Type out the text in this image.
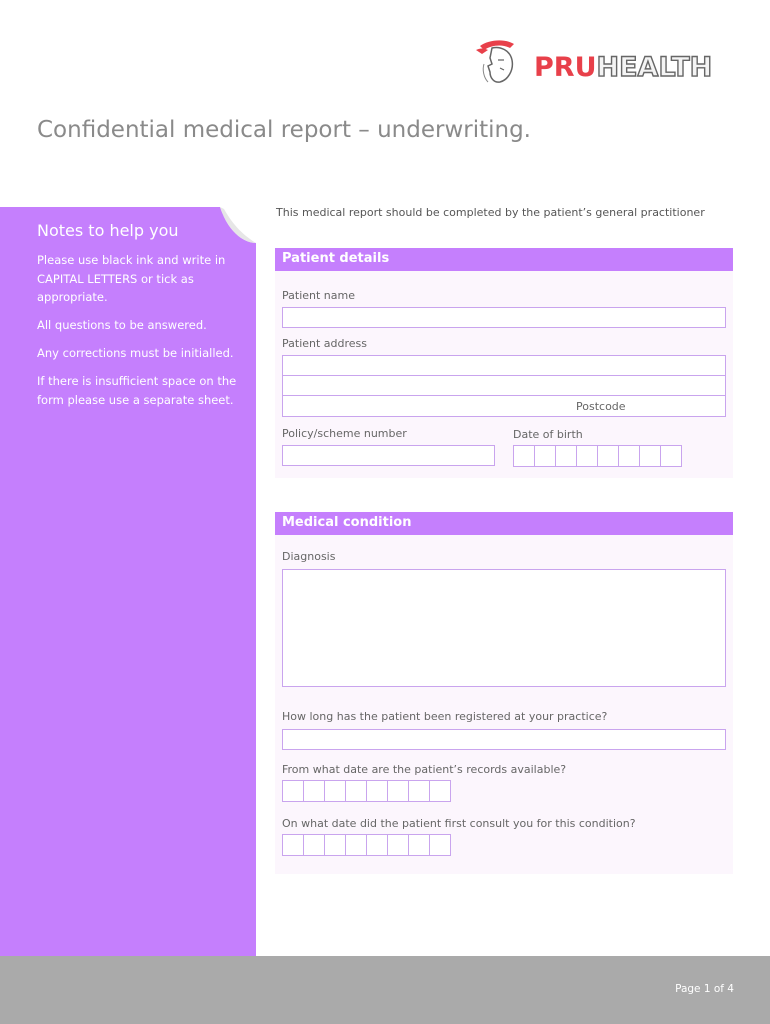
PRUHEALTH
Confidential medical report – underwriting.
Notes to help you
Please use black ink and write in CAPITAL LETTERS or tick as appropriate.
All questions to be answered.
Any corrections must be initialled.
If there is insufficient space on the form please use a separate sheet.
This medical report should be completed by the patient’s general practitioner
Patient details
Patient name
Patient address
Postcode
Policy/scheme number	Date of birth
Medical condition
Diagnosis
How long has the patient been registered at your practice?
From what date are the patient’s records available?
On what date did the patient first consult you for this condition?
Page 1 of 4
